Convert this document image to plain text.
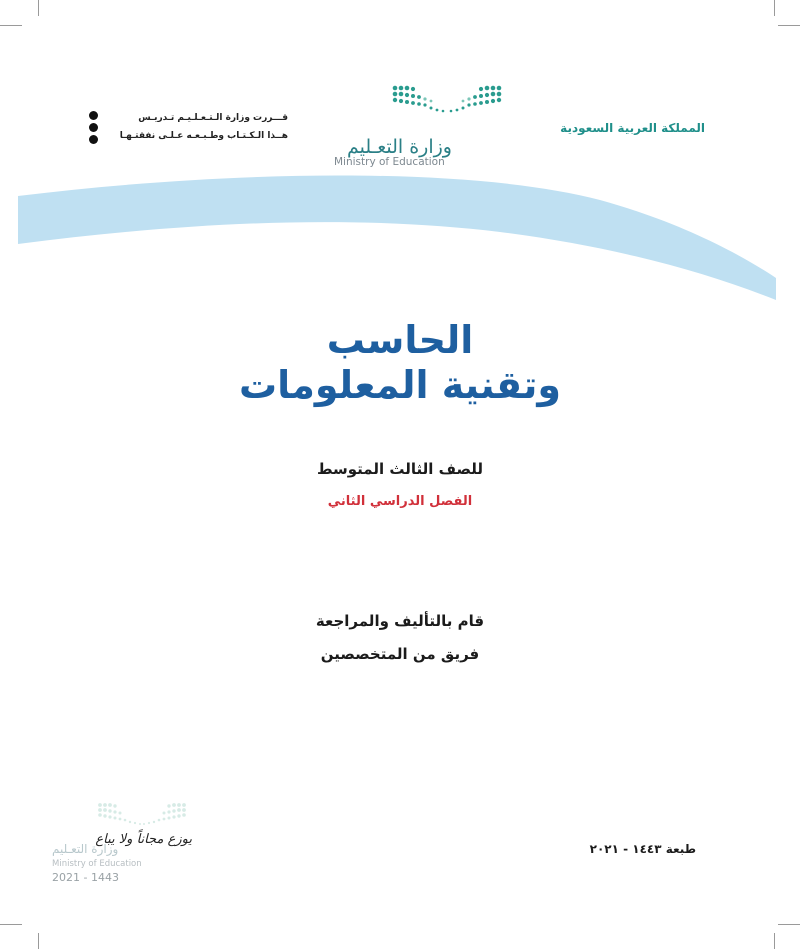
المملكة العربية السعودية
وزارة التعـليم
Ministry of Education
قـــررت وزارة الـتـعـلـيـم تـدريـس
هــذا الـكـتـاب وطـبـعـه عـلـى نفقتـهـا
الحاسب
وتقنية المعلومات
للصف الثالث المتوسط
الفصل الدراسي الثاني
قام بالتأليف والمراجعة
فريق من المتخصصين
طبعة ١٤٤٣ - ٢٠٢١
وزارة التعـليم
يوزع مجاناً ولا يباع
Ministry of Education
2021 - 1443
